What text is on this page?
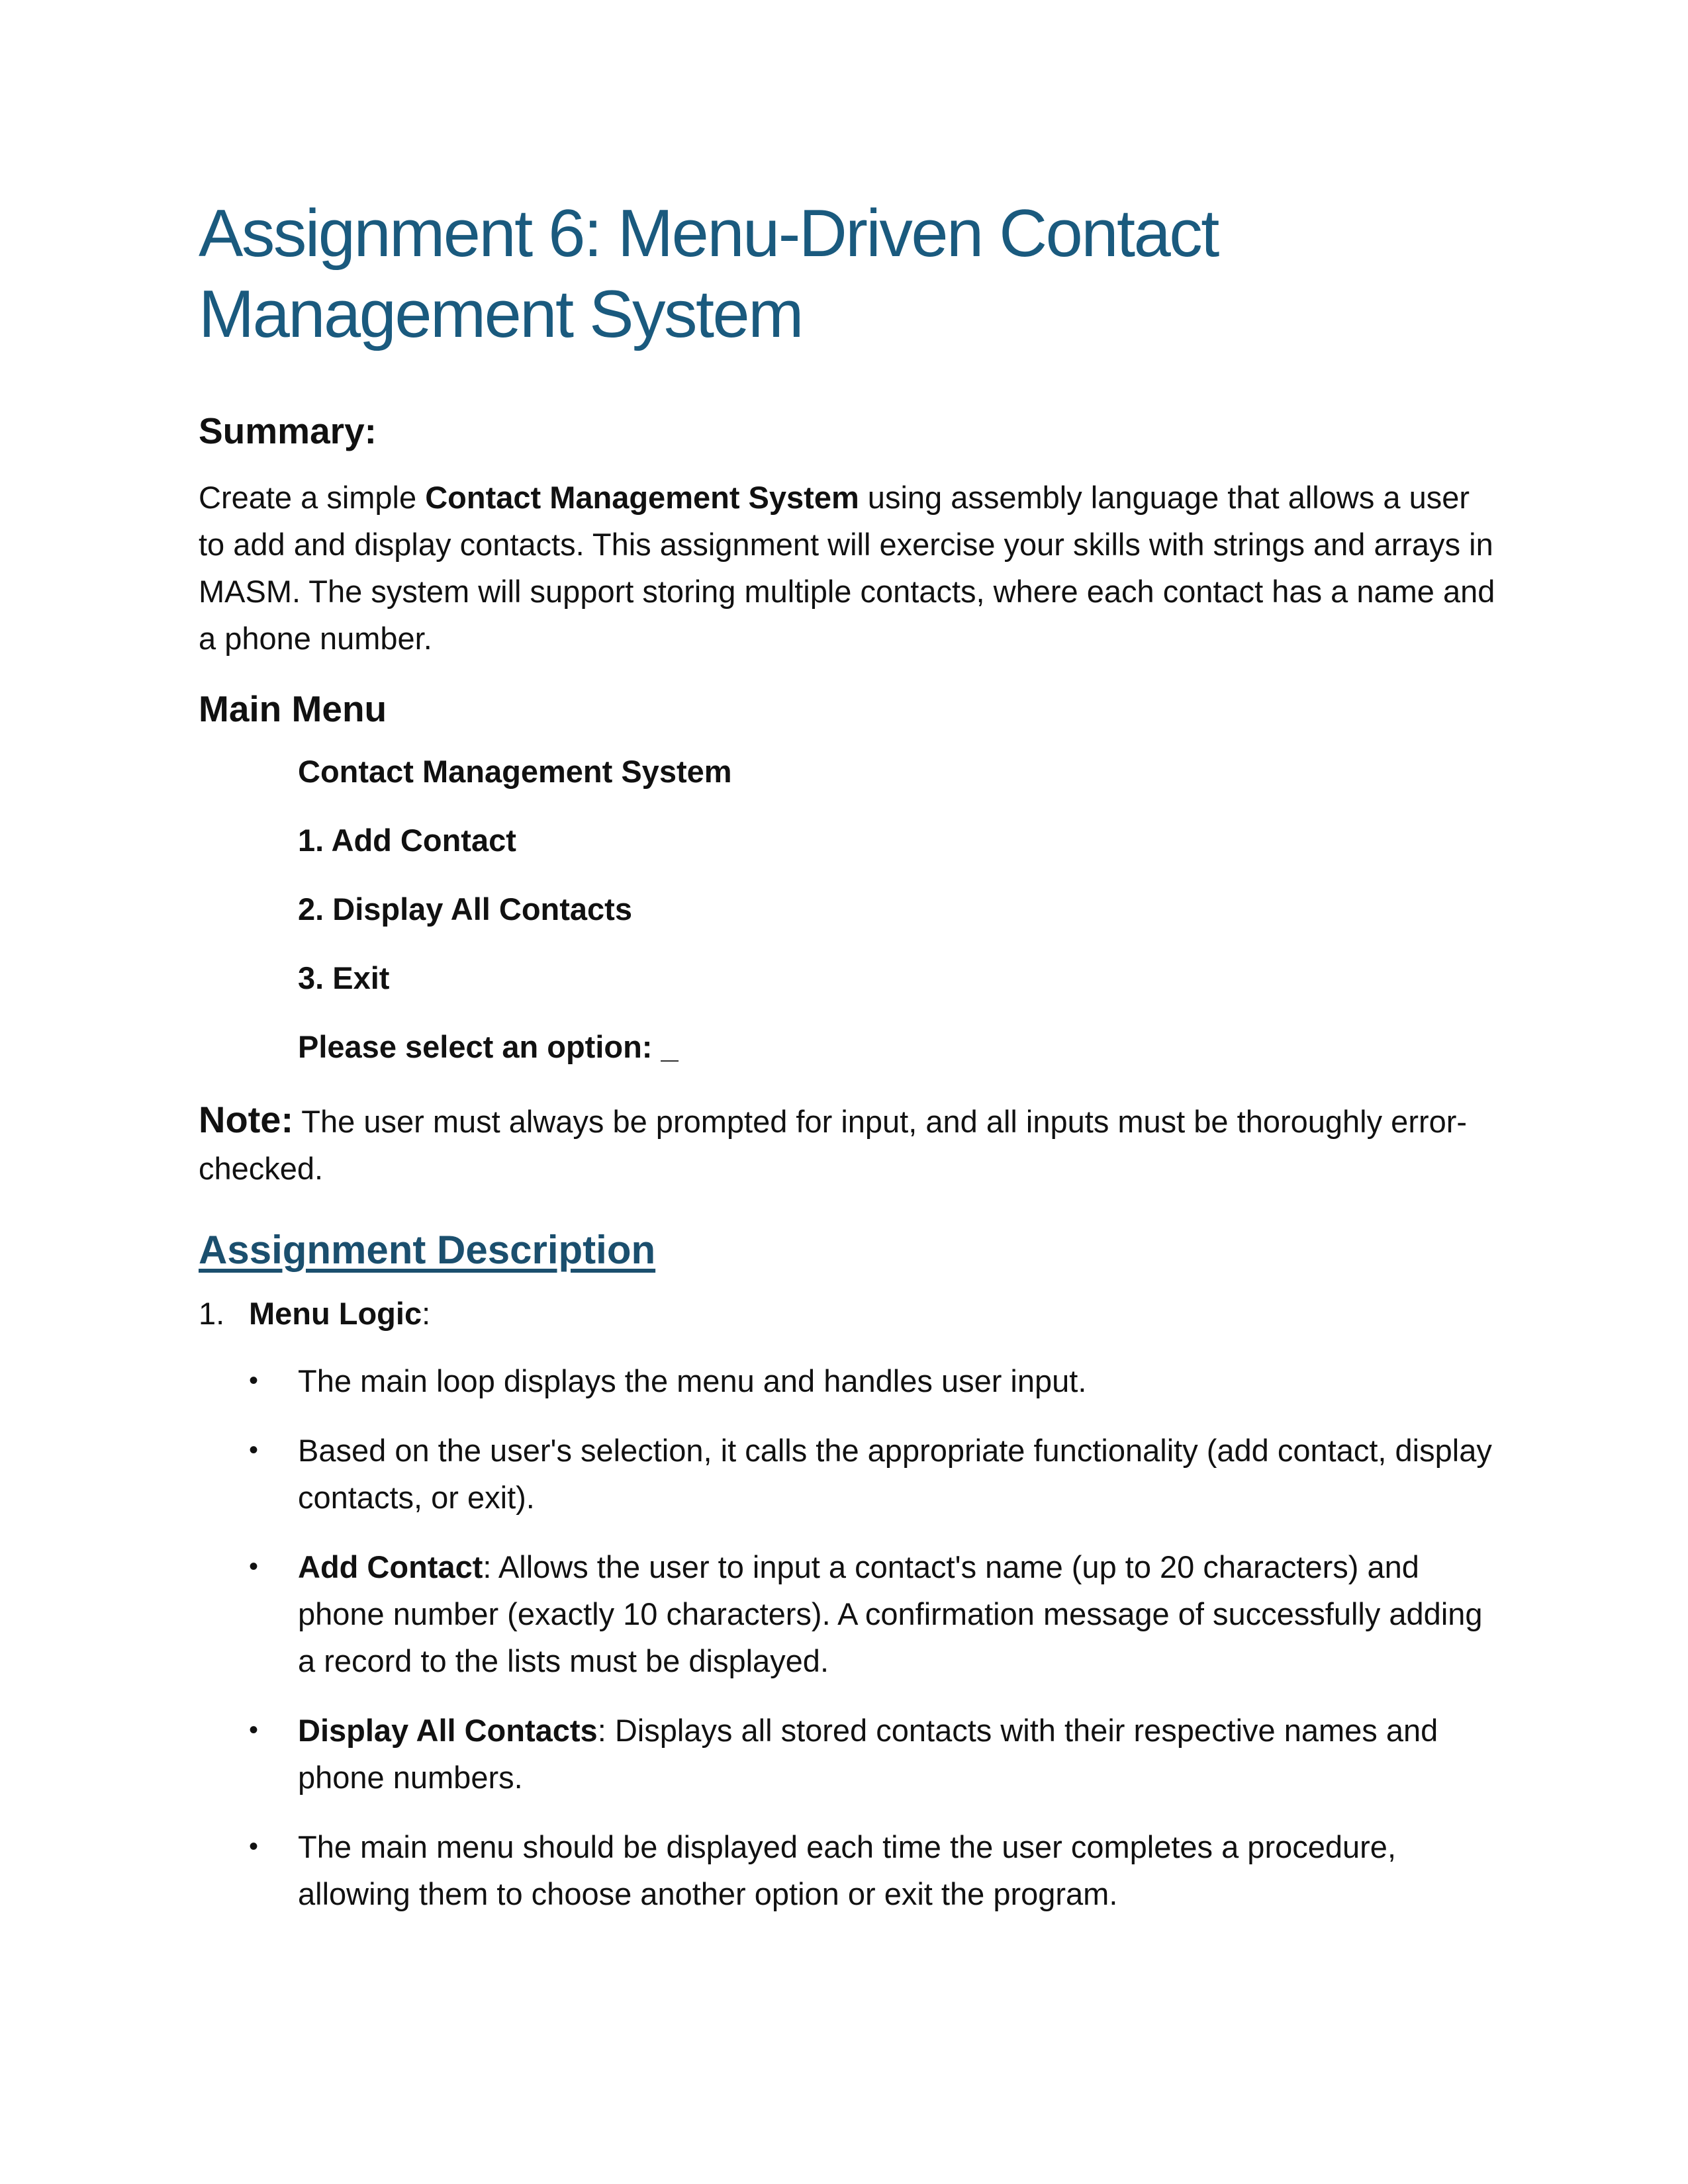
Assignment 6: Menu-Driven Contact Management System
Summary:

Create a simple Contact Management System using assembly language that allows a user to add and display contacts. This assignment will exercise your skills with strings and arrays in MASM. The system will support storing multiple contacts, where each contact has a name and a phone number.

Main Menu

Contact Management System

1. Add Contact

2. Display All Contacts

3. Exit

Please select an option: _

Note: The user must always be prompted for input, and all inputs must be thoroughly error-checked.

Assignment Description
1. Menu Logic:
•	The main loop displays the menu and handles user input.
•	Based on the user's selection, it calls the appropriate functionality (add contact, display contacts, or exit).
•	Add Contact: Allows the user to input a contact's name (up to 20 characters) and phone number (exactly 10 characters). A confirmation message of successfully adding a record to the lists must be displayed.
•	Display All Contacts: Displays all stored contacts with their respective names and phone numbers.
•	The main menu should be displayed each time the user completes a procedure, allowing them to choose another option or exit the program.
